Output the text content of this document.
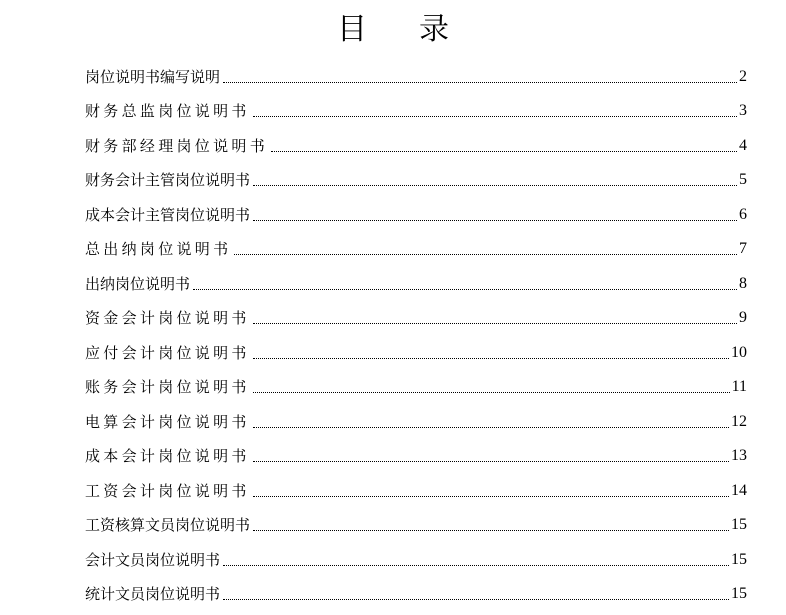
目 录
岗位说明书编写说明	2
财务总监岗位说明书	3
财务部经理岗位说明书	4
财务会计主管岗位说明书	5
成本会计主管岗位说明书	6
总出纳岗位说明书	7
出纳岗位说明书	8
资金会计岗位说明书	9
应付会计岗位说明书	10
账务会计岗位说明书	11
电算会计岗位说明书	12
成本会计岗位说明书	13
工资会计岗位说明书	14
工资核算文员岗位说明书	15
会计文员岗位说明书	15
统计文员岗位说明书	15
